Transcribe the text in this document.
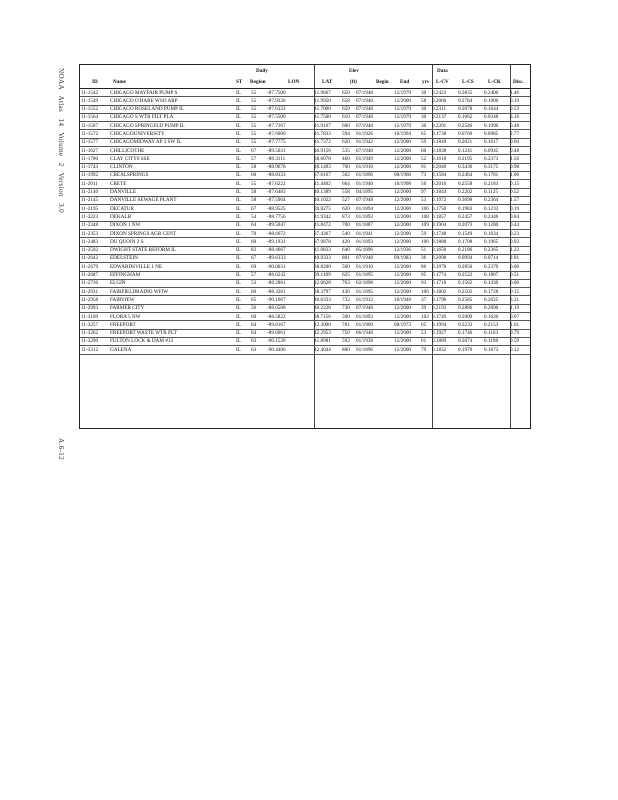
NOAA   Atlas   14   Volume   2   Version   3.0
A.6-12
Daily	Elev	Data
ID	Name	ST Region	LON	LAT	(ft)	Begin End yrs L-CV	L-CS	L-CK Disc.
11-1542 CHICAGO MAYFAIR PUMP S	IL 55 -87.7500	41.9667 650 07/1948	12/1979 30 0.2423 0.3835 0.2406 1.46
11-1549 CHICAGO O'HARE WSO ARP	IL 55 -87.9336	41.9950 658 07/1940	12/2000 58 0.2060 0.2784 0.1906 0.19
11-1552 CHICAGO ROSELAND PUMP IL	IL 55 -87.6333	41.7000 659 07/1948	12/1979 30 0.2311 0.2078 0.1644 0.53
11-1564 CHICAGO S WTR FILT PLA	IL 55 -87.5500	41.7500 610 07/1948	12/1979 30 0.2137 0.1062 0.0348 3.16
11-1567 CHICAGO SPRINGFLD PUMP IL	IL 55 -87.7167	41.9167 600 07/1948	12/1979 30 0.2391 0.2546 0.1996 0.48
11-1572 CHICAGOUNIVERSITY	IL 55 -87.6000	41.7833 594 01/1926	10/1994 65 0.1738 0.0760 0.0985 2.77
11-1577 CHICAGOMIDWAY AP 3 SW IL	IL 55 -87.7775	41.7372 620 01/1942	12/2000 59 0.1849 0.2021 0.1617 0.60
11-1627 CHILLICOTHE	IL 67 -89.5031	40.9156 535 07/1940	12/2000 60 0.1838 0.1241 0.0945 0.48
11-1700 CLAY CITY6 SSE	IL 57 -88.3111	38.6078 460 01/1949	12/2000 52 0.1618 0.2195 0.2373 1.56
11-1743 CLINTON	IL 58 -88.9678	40.1403 700 01/1910	12/2000 91 0.2040 0.3436 0.3175 0.98
11-1992 CREALSPRINGS	IL 60 -88.8333	37.6167 502 01/1896	08/1968 73 0.1584 0.2464 0.1781 1.06
11-2011 CRETE	IL 55 -87.6222	41.4402 664 01/1940	10/1998 56 0.2016 0.2558 0.2183 0.15
11-2140 DANVILLE	IL 58 -87.6483	40.1389 558 04/1895	12/2000 97 0.1844 0.2202 0.1125 0.52
11-2145 DANVILLE SEWAGE PLANT	IL 58 -87.5964	40.1022 527 07/1948	12/2000 53 0.1972 0.3698 0.2364 1.57
11-2195 DECATUR	IL 67 -88.9525	39.8275 620 01/1894	12/2000 106 0.1750 0.1983 0.1233 0.19
11-2223 DEKALB	IL 54 -88.7756	41.9342 873 01/1893	12/2000 108 0.1857 0.2457 0.2446 0.84
11-2348 DIXON 1 NW	IL 64 -89.5047	41.8472 700 01/1887	12/2000 109 0.1904 0.2073 0.1280 0.44
11-2353 DIXON SPRINGS AGR CENT	IL 70 -88.6672	37.4367 540 01/1941	12/2000 59 0.1748 0.1549 0.1034 0.23
11-2483 DU QUOIN 2 S	IL 60 -89.1931	37.9878 420 01/1893	12/2000 106 0.1888 0.1708 0.1965 0.93
11-2502 DWIGHT STATE REFORM IL	IL 82 -88.4667	41.0833 640 05/1896	12/1936 51 0.1650 0.2186 0.2365 1.22
11-2642 EDELSTEIN	IL 67 -89.6333	40.9333 801 07/1948	09/1983 36 0.2098 0.0994 0.0714 2.01
11-2679 EDWARDSVILLE 1 NE	IL 69 -90.0031	38.8200 500 01/1910	12/2000 86 0.1978 0.2850 0.2370 0.06
11-2687 EFFINGHAM	IL 57 -88.6242	39.1189 625 01/1895	12/2000 95 0.1774 0.2522 0.1887 0.51
11-2736 ELGIN	IL 53 -88.2861	42.0628 763 02/1898	12/2000 93 0.1718 0.1582 0.1430 0.06
11-2931 FAIRFIELDRADIO WFIW	IL 60 -88.3261	38.3797 430 01/1895	12/2000 106 0.1802 0.2502 0.1728 0.15
11-2958 FAIRVIEW	IL 65 -90.1667	40.6333 732 01/1912	10/1948 37 0.1796 0.2585 0.2025 3.31
11-2993 FARMER CITY	IL 56 -88.6508	40.2228 730 07/1948	12/2000 39 0.2193 0.2886 0.2890 1.19
11-3109 FLORA 5 NW	IL 60 -88.5822	38.7156 500 01/1893	12/2000 102 0.1749 0.2009 0.1626 0.07
11-3257 FREEPORT	IL 64 -89.6167	42.3000 781 01/1909	08/1973 65 0.1994 0.2233 0.2153 1.61
11-3262 FREEPORT WASTE WTR PLT	IL 64 -89.6061	42.2953 750 06/1948	12/2000 53 0.1927 0.1746 0.1163 0.79
11-3290 FULTON LOCK & DAM #13	IL 63 -90.1539	41.8981 592 01/1938	12/2000 61 0.1889 0.2074 0.1198 0.59
11-3312 GALENA	IL 63 -90.4406	42.4044 800 01/1896	12/2000 79 0.1832 0.1970 0.1673 0.12
